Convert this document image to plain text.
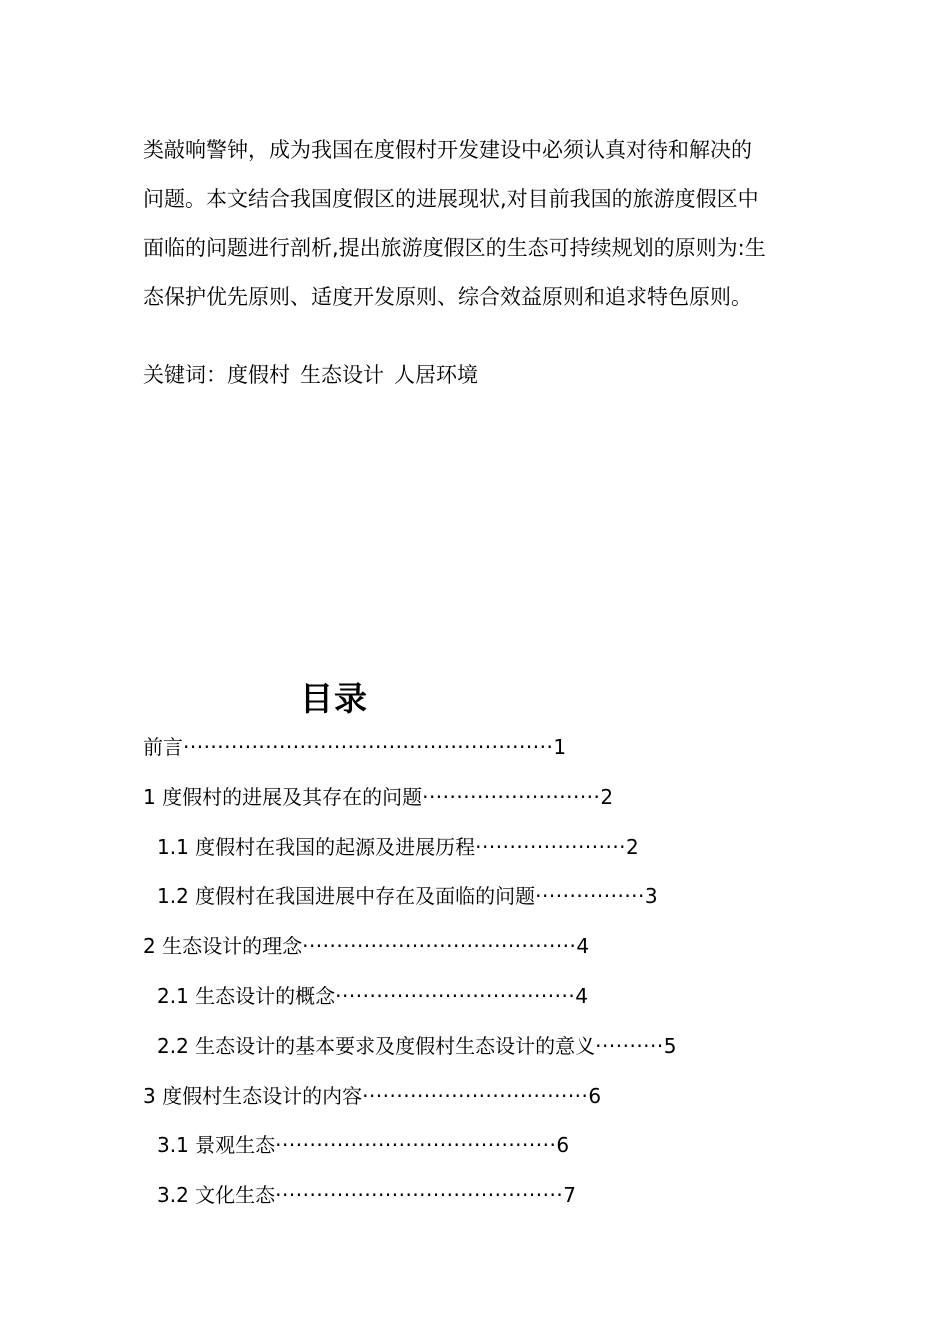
类敲响警钟，成为我国在度假村开发建设中必须认真对待和解决的
问题。本文结合我国度假区的进展现状,对目前我国的旅游度假区中
面临的问题进行剖析,提出旅游度假区的生态可持续规划的原则为:生
态保护优先原则、适度开发原则、综合效益原则和追求特色原则。
关键词：度假村 生态设计 人居环境
目录
前言······················································1
1 度假村的进展及其存在的问题··························2
1.1 度假村在我国的起源及进展历程······················2
1.2 度假村在我国进展中存在及面临的问题················3
2 生态设计的理念········································4
2.1 生态设计的概念···································4
2.2 生态设计的基本要求及度假村生态设计的意义··········5
3 度假村生态设计的内容·································6
3.1 景观生态·········································6
3.2 文化生态··········································7
